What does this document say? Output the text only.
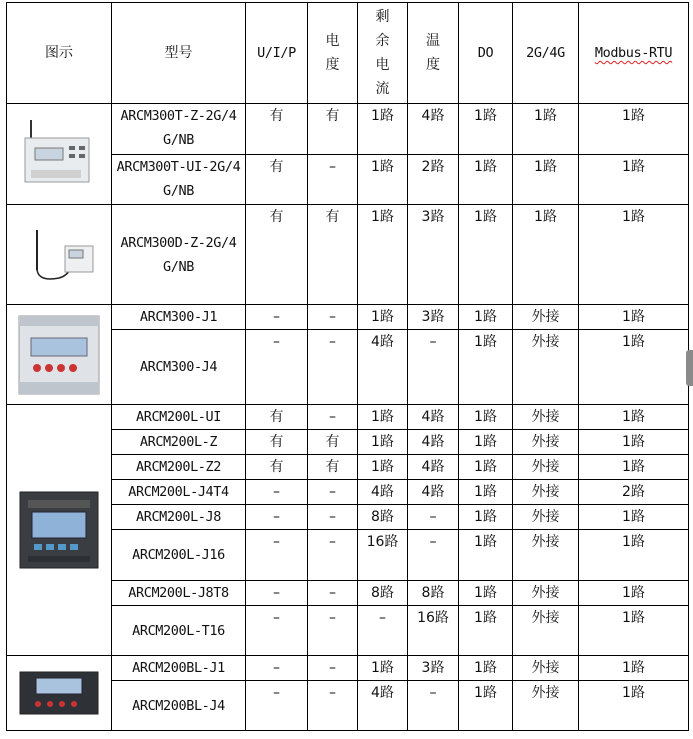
图示	型号	U/I/P	电度	剩余电流	温度	DO	2G/4G	Modbus-RTU

	ARCM300T-Z-2G/4G/NB	有	有	1路	4路	1路	1路	1路
	ARCM300T-UI-2G/4G/NB	有	–	1路	2路	1路	1路	1路

	ARCM300D-Z-2G/4G/NB	有	有	1路	3路	1路	1路	1路

	ARCM300-J1	–	–	1路	3路	1路	外接	1路
	ARCM300-J4	–	–	4路	–	1路	外接	1路

	ARCM200L-UI	有	–	1路	4路	1路	外接	1路
	ARCM200L-Z	有	有	1路	4路	1路	外接	1路
	ARCM200L-Z2	有	有	1路	4路	1路	外接	1路
	ARCM200L-J4T4	–	–	4路	4路	1路	外接	2路
	ARCM200L-J8	–	–	8路	–	1路	外接	1路
	ARCM200L-J16	–	–	16路	–	1路	外接	1路
	ARCM200L-J8T8	–	–	8路	8路	1路	外接	1路
	ARCM200L-T16	–	–	–	16路	1路	外接	1路

	ARCM200BL-J1	–	–	1路	3路	1路	外接	1路
	ARCM200BL-J4	–	–	4路	–	1路	外接	1路
